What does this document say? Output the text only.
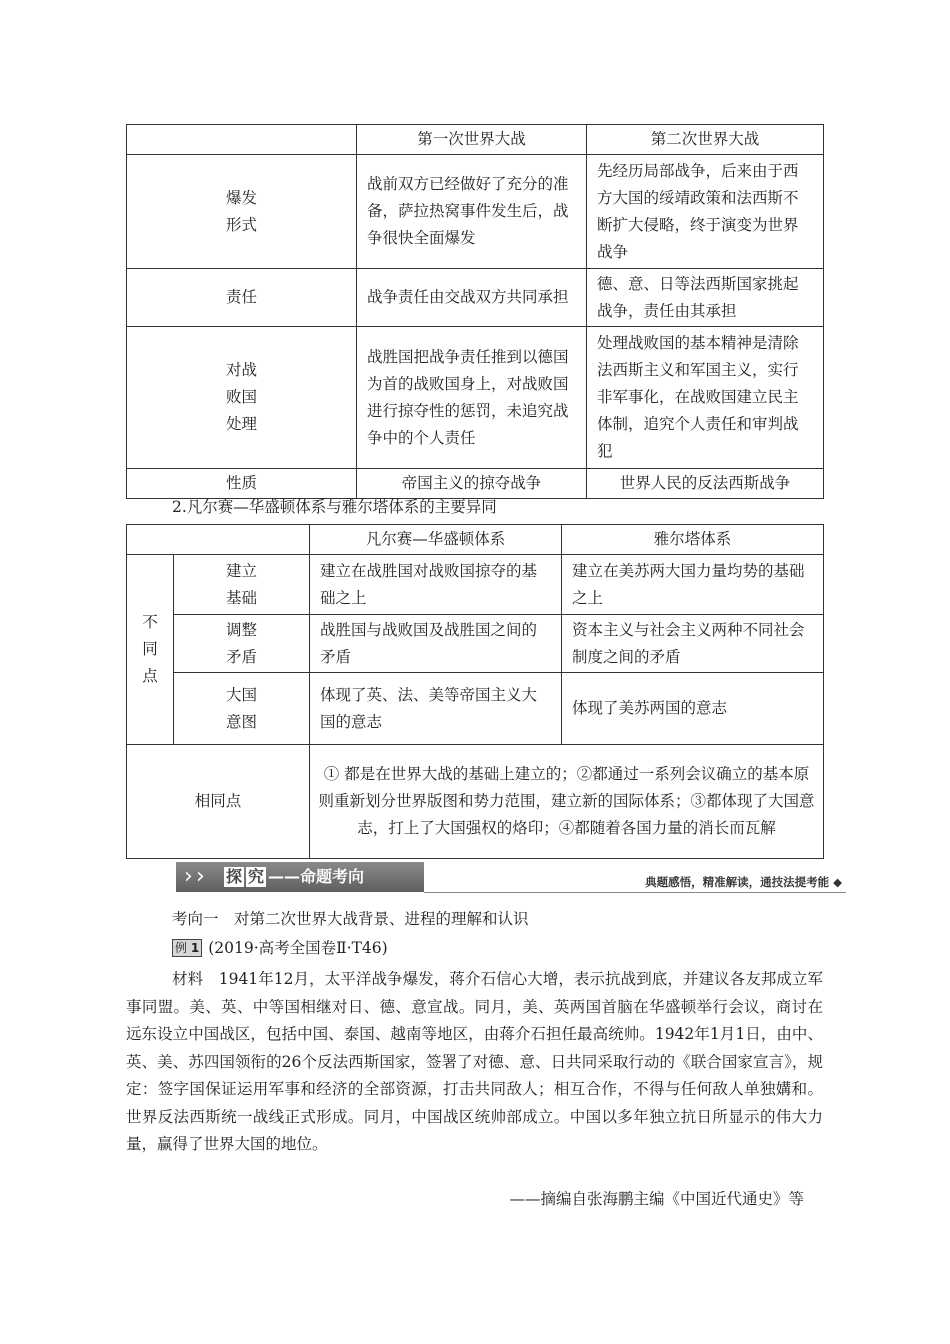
	第一次世界大战	第二次世界大战

爆发形式	战前双方已经做好了充分的准备，萨拉热窝事件发生后，战争很快全面爆发	先经历局部战争，后来由于西方大国的绥靖政策和法西斯不断扩大侵略，终于演变为世界战争
责任	战争责任由交战双方共同承担	德、意、日等法西斯国家挑起战争，责任由其承担

对战败国处理	战胜国把战争责任推到以德国为首的战败国身上，对战败国进行掠夺性的惩罚，未追究战争中的个人责任	处理战败国的基本精神是清除法西斯主义和军国主义，实行非军事化，在战败国建立民主体制，追究个人责任和审判战犯
性质	帝国主义的掠夺战争	世界人民的反法西斯战争
2.凡尔赛—华盛顿体系与雅尔塔体系的主要异同
		凡尔赛—华盛顿体系	雅尔塔体系

不同点	建立基础	建立在战胜国对战败国掠夺的基础之上	建立在美苏两大国力量均势的基础之上

	调整矛盾	战胜国与战败国及战胜国之间的矛盾	资本主义与社会主义两种不同社会制度之间的矛盾

	大国意图	体现了英、法、美等帝国主义大国的意志	体现了美苏两国的意志
相同点		① 都是在世界大战的基础上建立的；②都通过一系列会议确立的基本原则重新划分世界版图和势力范围，建立新的国际体系；③都体现了大国意志，打上了大国强权的烙印；④都随着各国力量的消长而瓦解	
› › 探 究 ——命题考向	典题感悟，精准解读，通技法提考能 ◆
考向一　对第二次世界大战背景、进程的理解和认识
例 1 (2019·高考全国卷Ⅱ·T46)
材料　1941年12月，太平洋战争爆发，蒋介石信心大增，表示抗战到底，并建议各友邦成立军事同盟。美、英、中等国相继对日、德、意宣战。同月，美、英两国首脑在华盛顿举行会议，商讨在远东设立中国战区，包括中国、泰国、越南等地区，由蒋介石担任最高统帅。1942年1月1日，由中、英、美、苏四国领衔的26个反法西斯国家，签署了对德、意、日共同采取行动的《联合国家宣言》，规定：签字国保证运用军事和经济的全部资源，打击共同敌人；相互合作，不得与任何敌人单独媾和。世界反法西斯统一战线正式形成。同月，中国战区统帅部成立。中国以多年独立抗日所显示的伟大力量，赢得了世界大国的地位。
——摘编自张海鹏主编《中国近代通史》等
